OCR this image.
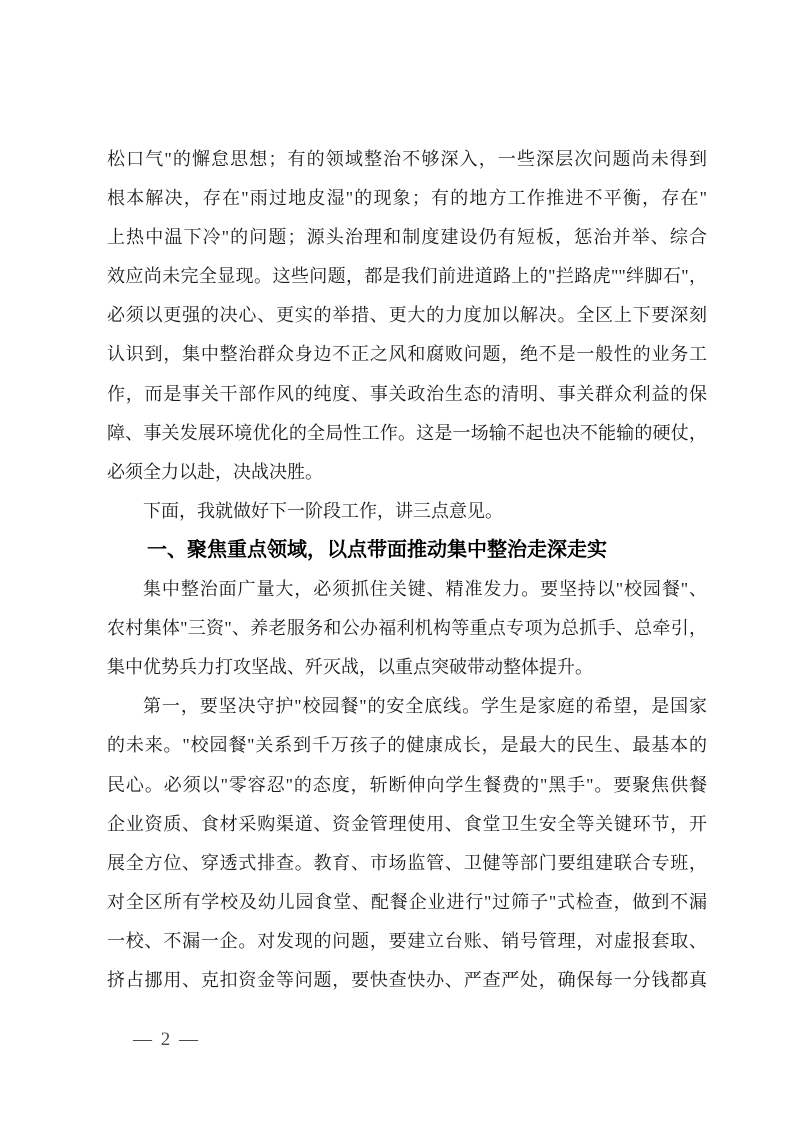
松口气"的懈怠思想；有的领域整治不够深入，一些深层次问题尚未得到
根本解决，存在"雨过地皮湿"的现象；有的地方工作推进不平衡，存在"
上热中温下冷"的问题；源头治理和制度建设仍有短板，惩治并举、综合
效应尚未完全显现。这些问题，都是我们前进道路上的"拦路虎""绊脚石"，
必须以更强的决心、更实的举措、更大的力度加以解决。全区上下要深刻
认识到，集中整治群众身边不正之风和腐败问题，绝不是一般性的业务工
作，而是事关干部作风的纯度、事关政治生态的清明、事关群众利益的保
障、事关发展环境优化的全局性工作。这是一场输不起也决不能输的硬仗，
必须全力以赴，决战决胜。
下面，我就做好下一阶段工作，讲三点意见。
一、聚焦重点领域，以点带面推动集中整治走深走实
集中整治面广量大，必须抓住关键、精准发力。要坚持以"校园餐"、
农村集体"三资"、养老服务和公办福利机构等重点专项为总抓手、总牵引，
集中优势兵力打攻坚战、歼灭战，以重点突破带动整体提升。
第一，要坚决守护"校园餐"的安全底线。学生是家庭的希望，是国家
的未来。"校园餐"关系到千万孩子的健康成长，是最大的民生、最基本的
民心。必须以"零容忍"的态度，斩断伸向学生餐费的"黑手"。要聚焦供餐
企业资质、食材采购渠道、资金管理使用、食堂卫生安全等关键环节，开
展全方位、穿透式排查。教育、市场监管、卫健等部门要组建联合专班，
对全区所有学校及幼儿园食堂、配餐企业进行"过筛子"式检查，做到不漏
一校、不漏一企。对发现的问题，要建立台账、销号管理，对虚报套取、
挤占挪用、克扣资金等问题，要快查快办、严查严处，确保每一分钱都真
— 2 —
